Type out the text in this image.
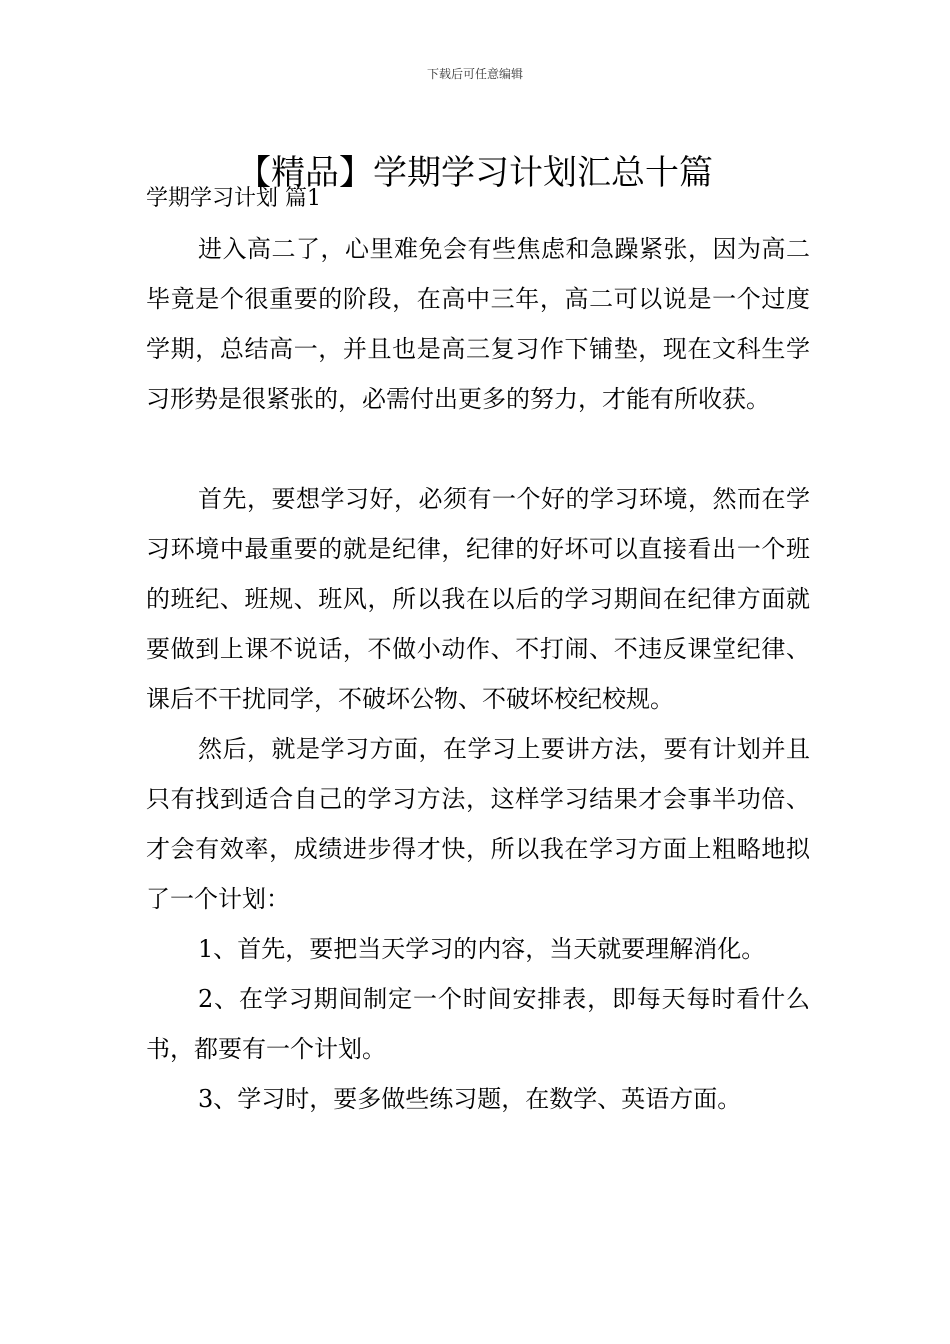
下载后可任意编辑
【精品】学期学习计划汇总十篇
学期学习计划 篇1

进入高二了，心里难免会有些焦虑和急躁紧张，因为高二毕竟是个很重要的阶段，在高中三年，高二可以说是一个过度学期，总结高一，并且也是高三复习作下铺垫，现在文科生学习形势是很紧张的，必需付出更多的努力，才能有所收获。

首先，要想学习好，必须有一个好的学习环境，然而在学习环境中最重要的就是纪律，纪律的好坏可以直接看出一个班的班纪、班规、班风，所以我在以后的学习期间在纪律方面就要做到上课不说话，不做小动作、不打闹、不违反课堂纪律、课后不干扰同学，不破坏公物、不破坏校纪校规。

然后，就是学习方面，在学习上要讲方法，要有计划并且只有找到适合自己的学习方法，这样学习结果才会事半功倍、才会有效率，成绩进步得才快，所以我在学习方面上粗略地拟了一个计划：

1、首先，要把当天学习的内容，当天就要理解消化。

2、在学习期间制定一个时间安排表，即每天每时看什么书，都要有一个计划。

3、学习时，要多做些练习题，在数学、英语方面。
